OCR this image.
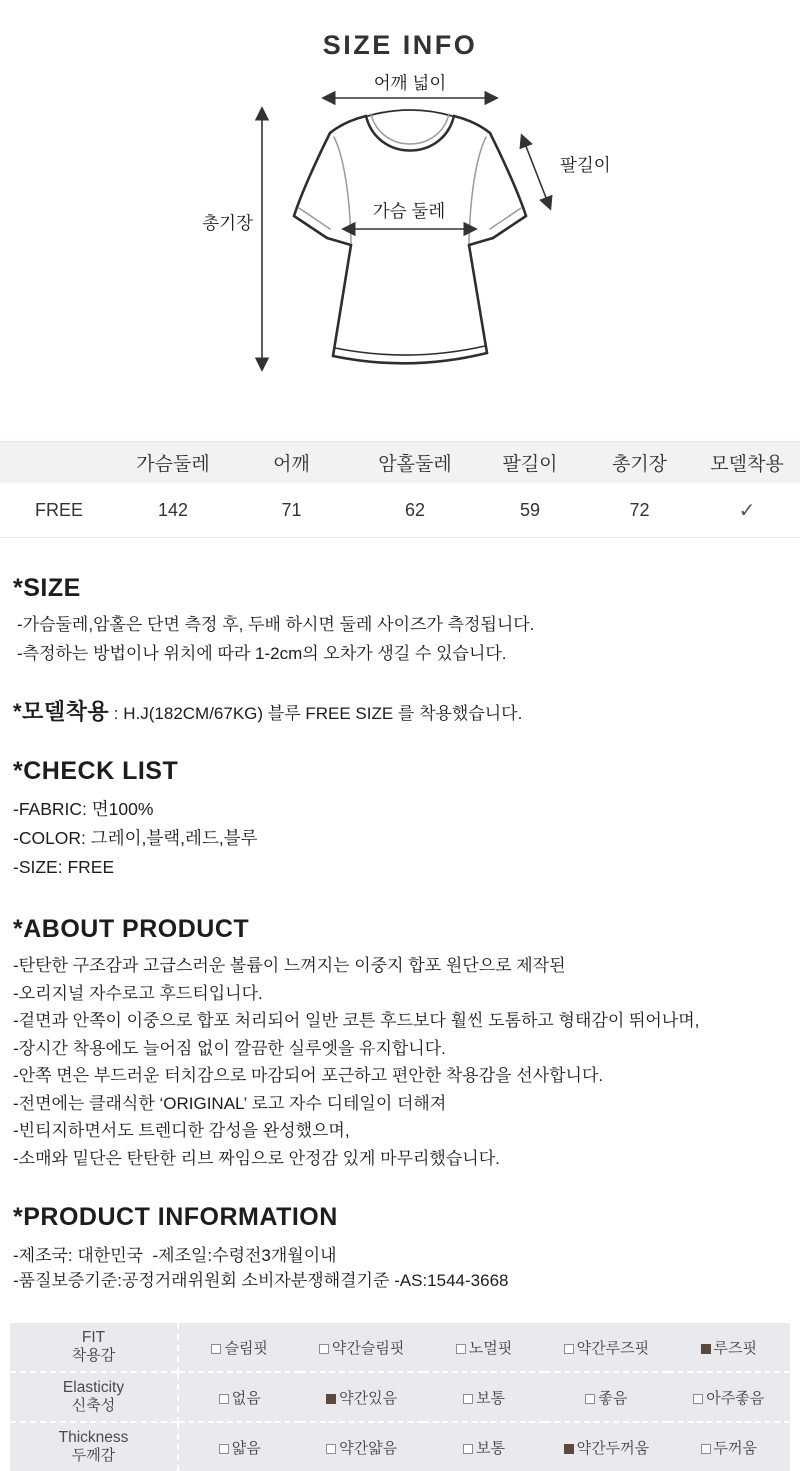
SIZE INFO
어깨 넓이
가슴 둘레
팔길이
총기장
	가슴둘레	어깨	암홀둘레	팔길이	총기장	모델착용
FREE	142	71	62	59	72	✓
*SIZE
-가슴둘레,암홀은 단면 측정 후, 두배 하시면 둘레 사이즈가 측정됩니다.
-측정하는 방법이나 위치에 따라 1-2cm의 오차가 생길 수 있습니다.
*모델착용 : H.J(182CM/67KG) 블루 FREE SIZE 를 착용했습니다.
*CHECK LIST
-FABRIC: 면100%
-COLOR: 그레이,블랙,레드,블루
-SIZE: FREE
*ABOUT PRODUCT
-탄탄한 구조감과 고급스러운 볼륨이 느껴지는 이중지 합포 원단으로 제작된
-오리지널 자수로고 후드티입니다.
-겉면과 안쪽이 이중으로 합포 처리되어 일반 코튼 후드보다 훨씬 도톰하고 형태감이 뛰어나며,
-장시간 착용에도 늘어짐 없이 깔끔한 실루엣을 유지합니다.
-안쪽 면은 부드러운 터치감으로 마감되어 포근하고 편안한 착용감을 선사합니다.
-전면에는 클래식한 ‘ORIGINAL’ 로고 자수 디테일이 더해져
-빈티지하면서도 트렌디한 감성을 완성했으며,
-소매와 밑단은 탄탄한 리브 짜임으로 안정감 있게 마무리했습니다.
*PRODUCT INFORMATION
-제조국: 대한민국  -제조일:수령전3개월이내
-품질보증기준:공정거래위원회 소비자분쟁해결기준 -AS:1544-3668
FIT
착용감	슬림핏	약간슬림핏	노멀핏	약간루즈핏	루즈핏

Elasticity
신축성	없음	약간있음	보통	좋음	아주좋음

Thickness
두께감	얇음	약간얇음	보통	약간두꺼움	두꺼움
